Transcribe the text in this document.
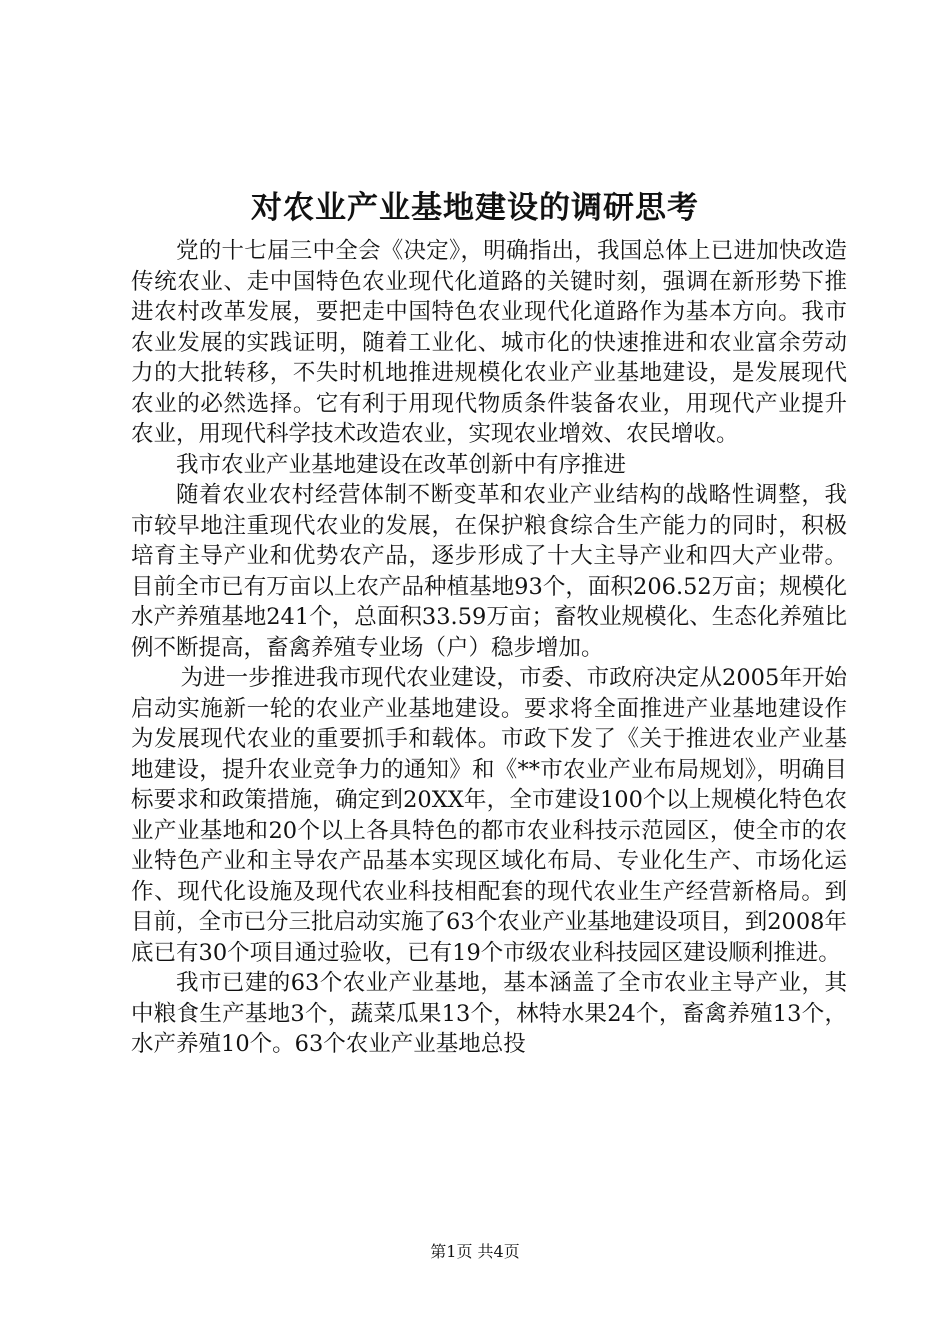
对农业产业基地建设的调研思考

党的十七届三中全会《决定》，明确指出，我国总体上已进加快改造传统农业、走中国特色农业现代化道路的关键时刻，强调在新形势下推进农村改革发展，要把走中国特色农业现代化道路作为基本方向。我市农业发展的实践证明，随着工业化、城市化的快速推进和农业富余劳动力的大批转移，不失时机地推进规模化农业产业基地建设，是发展现代农业的必然选择。它有利于用现代物质条件装备农业，用现代产业提升农业，用现代科学技术改造农业，实现农业增效、农民增收。

我市农业产业基地建设在改革创新中有序推进

随着农业农村经营体制不断变革和农业产业结构的战略性调整，我市较早地注重现代农业的发展，在保护粮食综合生产能力的同时，积极培育主导产业和优势农产品，逐步形成了十大主导产业和四大产业带。目前全市已有万亩以上农产品种植基地93个，面积206.52万亩；规模化水产养殖基地241个，总面积33.59万亩；畜牧业规模化、生态化养殖比例不断提高，畜禽养殖专业场（户）稳步增加。

为进一步推进我市现代农业建设，市委、市政府决定从2005年开始启动实施新一轮的农业产业基地建设。要求将全面推进产业基地建设作为发展现代农业的重要抓手和载体。市政下发了《关于推进农业产业基地建设，提升农业竞争力的通知》和《**市农业产业布局规划》，明确目标要求和政策措施，确定到20XX年，全市建设100个以上规模化特色农业产业基地和20个以上各具特色的都市农业科技示范园区，使全市的农业特色产业和主导农产品基本实现区域化布局、专业化生产、市场化运作、现代化设施及现代农业科技相配套的现代农业生产经营新格局。到目前，全市已分三批启动实施了63个农业产业基地建设项目，到2008年底已有30个项目通过验收，已有19个市级农业科技园区建设顺利推进。

我市已建的63个农业产业基地，基本涵盖了全市农业主导产业，其中粮食生产基地3个，蔬菜瓜果13个，林特水果24个，畜禽养殖13个，水产养殖10个。63个农业产业基地总投

第1页 共4页
